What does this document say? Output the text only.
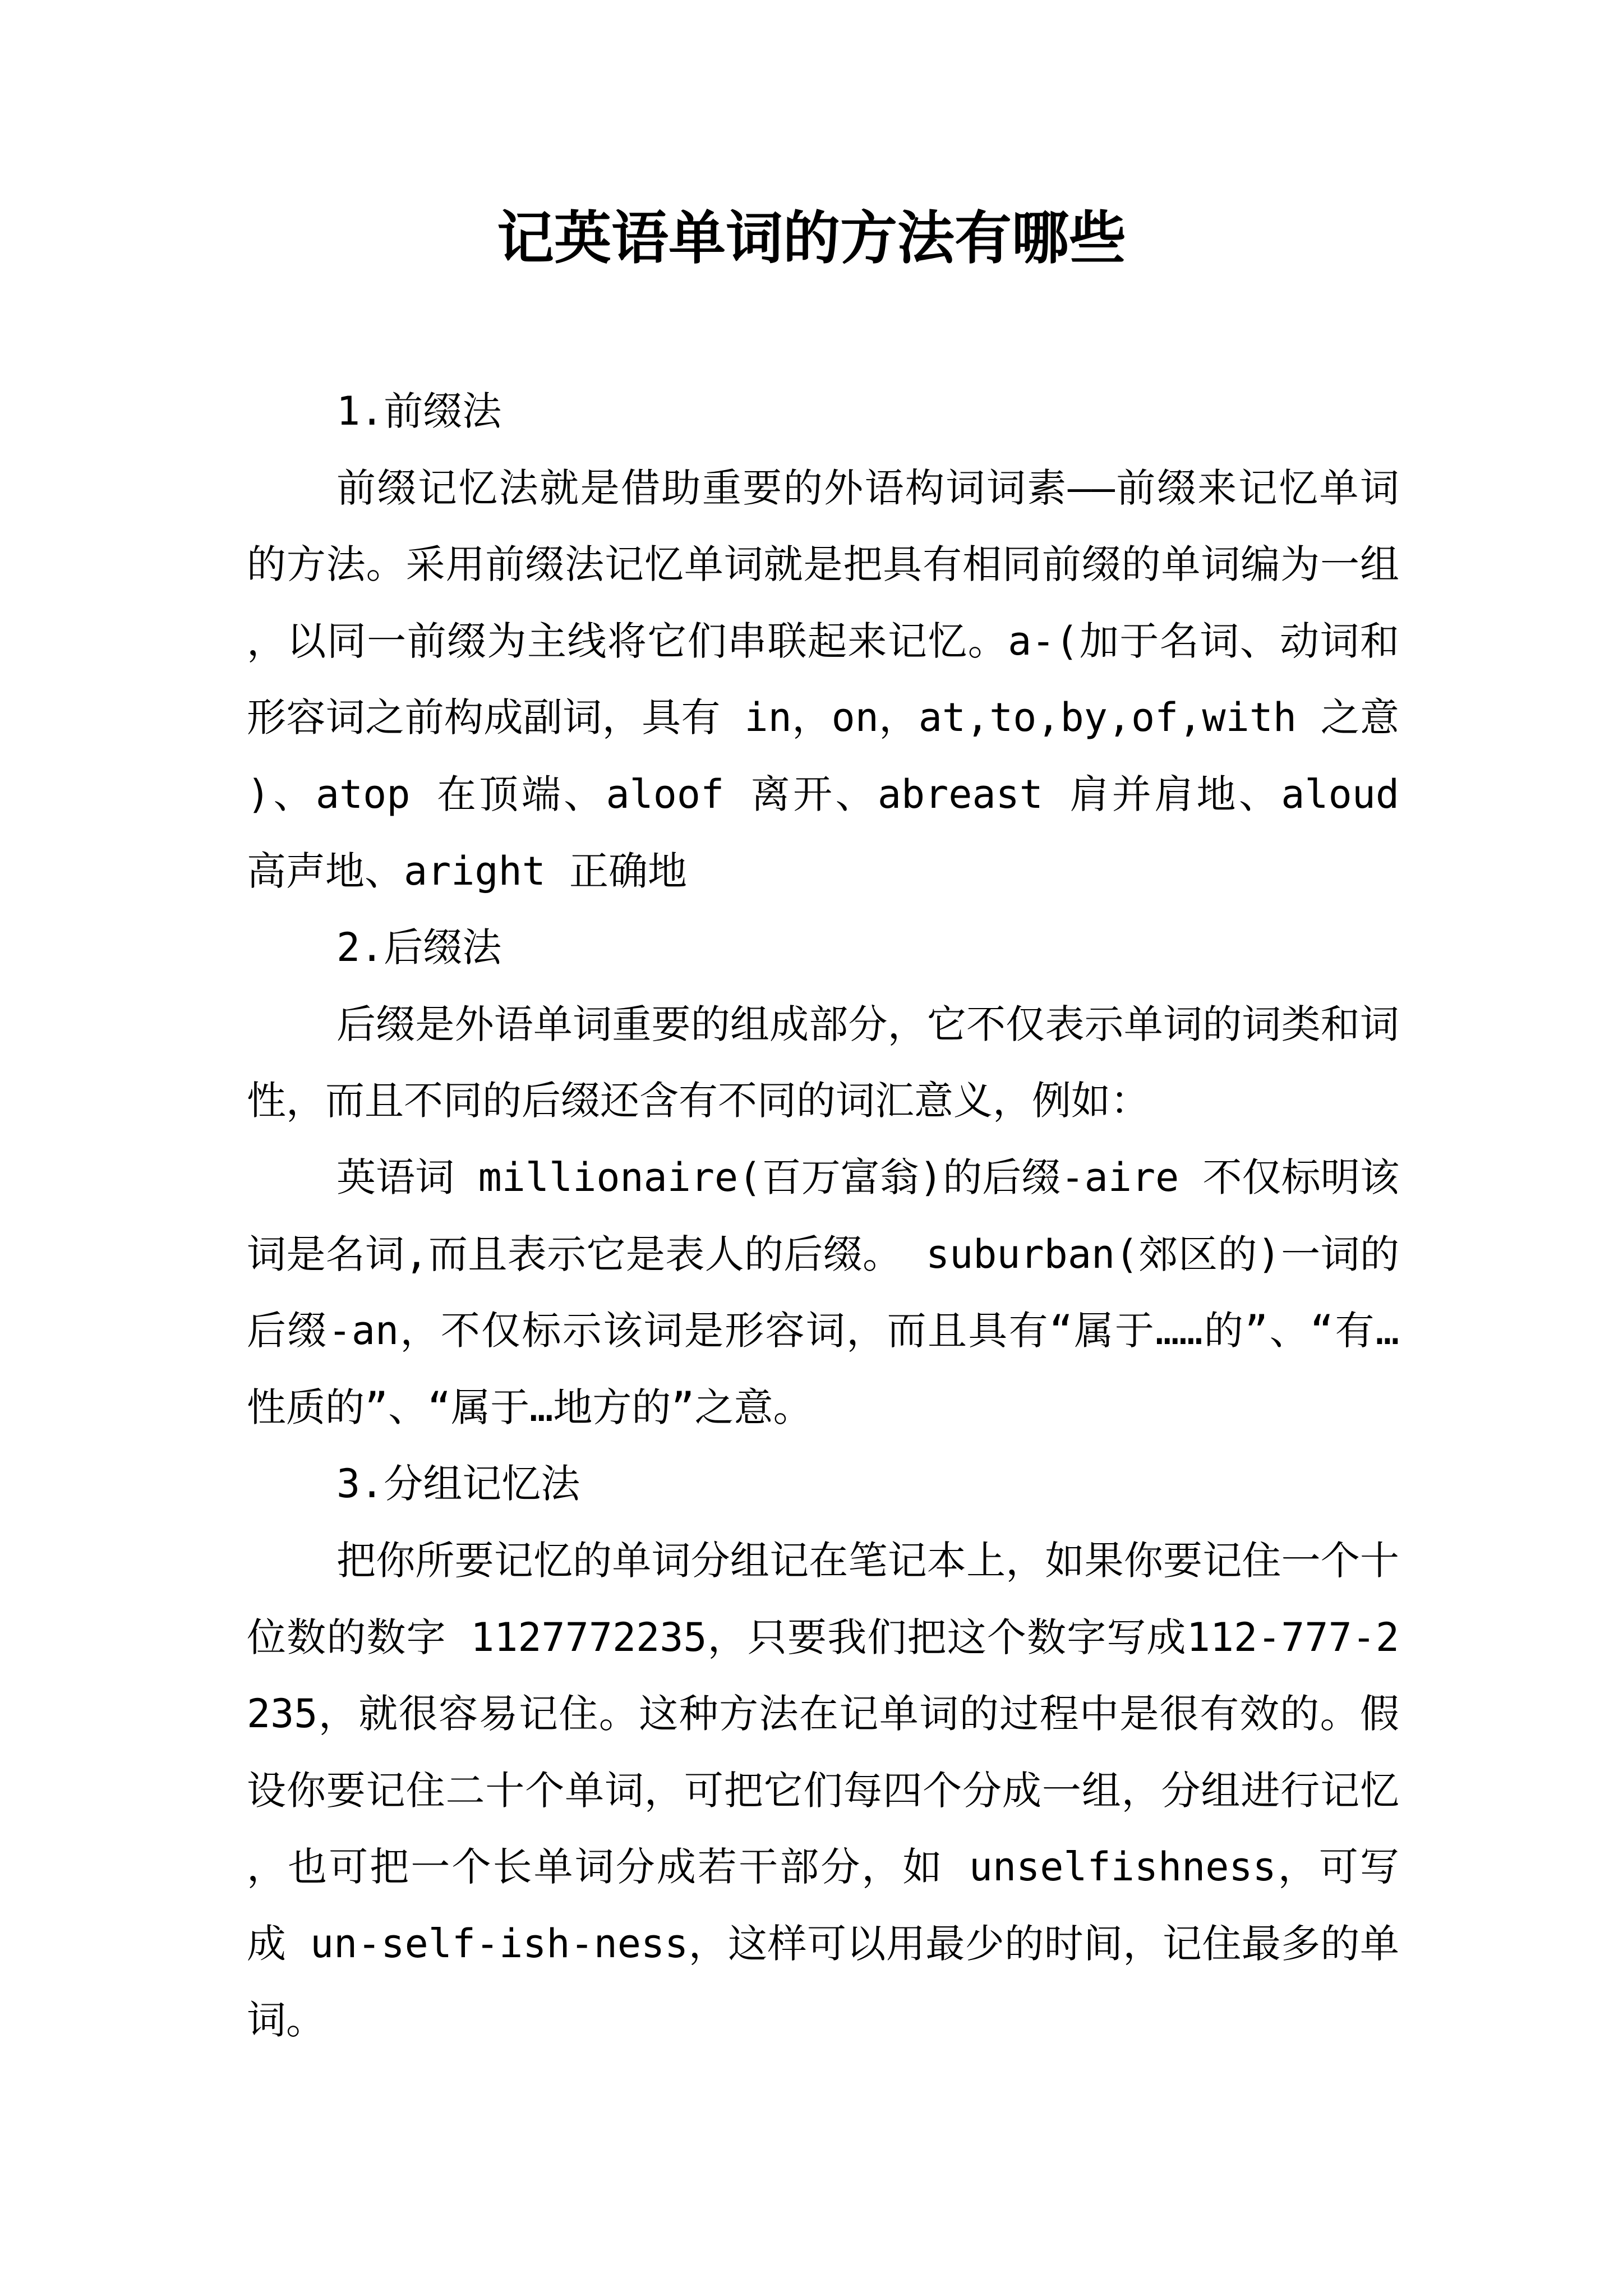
记英语单词的方法有哪些
1.前缀法

前缀记忆法就是借助重要的外语构词词素——前缀来记忆单词的方法。采用前缀法记忆单词就是把具有相同前缀的单词编为一组，以同一前缀为主线将它们串联起来记忆。a-(加于名词、动词和形容词之前构成副词，具有 in，on，at,to,by,of,with 之意)、atop 在顶端、aloof 离开、abreast 肩并肩地、aloud 高声地、aright 正确地

2.后缀法

后缀是外语单词重要的组成部分，它不仅表示单词的词类和词性，而且不同的后缀还含有不同的词汇意义，例如：

英语词 millionaire(百万富翁)的后缀-aire 不仅标明该词是名词,而且表示它是表人的后缀。 suburban(郊区的)一词的后缀-an，不仅标示该词是形容词，而且具有“属于……的”、“有…性质的”、“属于…地方的”之意。

3.分组记忆法

把你所要记忆的单词分组记在笔记本上，如果你要记住一个十位数的数字 1127772235，只要我们把这个数字写成112-777-2235，就很容易记住。这种方法在记单词的过程中是很有效的。假设你要记住二十个单词，可把它们每四个分成一组，分组进行记忆，也可把一个长单词分成若干部分，如 unselfishness，可写成 un-self-ish-ness，这样可以用最少的时间，记住最多的单词。
